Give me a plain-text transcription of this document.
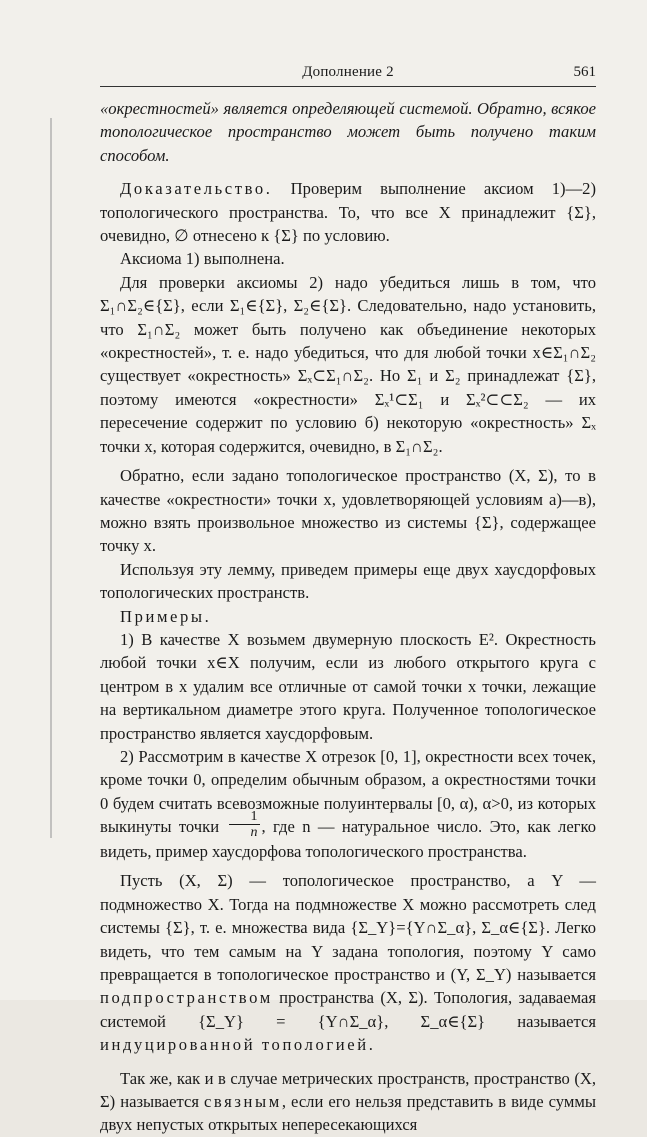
Дополнение 2	561

«окрестностей» является определяющей системой. Обратно, всякое топологическое пространство может быть получено таким способом.

Доказательство. Проверим выполнение аксиом 1)—2) топологического пространства. То, что все X принадлежит {Σ}, очевидно, ∅ отнесено к {Σ} по условию.

Аксиома 1) выполнена.

Для проверки аксиомы 2) надо убедиться лишь в том, что Σ₁∩Σ₂∈{Σ}, если Σ₁∈{Σ}, Σ₂∈{Σ}. Следовательно, надо установить, что Σ₁∩Σ₂ может быть получено как объединение некоторых «окрестностей», т. е. надо убедиться, что для любой точки x∈Σ₁∩Σ₂ существует «окрестность» Σₓ⊂Σ₁∩Σ₂. Но Σ₁ и Σ₂ принадлежат {Σ}, поэтому имеются «окрестности» Σₓ¹⊂Σ₁ и Σₓ²⊂⊂Σ₂ — их пересечение содержит по условию б) некоторую «окрестность» Σₓ точки x, которая содержится, очевидно, в Σ₁∩Σ₂.

Обратно, если задано топологическое пространство (X, Σ), то в качестве «окрестности» точки x, удовлетворяющей условиям а)—в), можно взять произвольное множество из системы {Σ}, содержащее точку x.

Используя эту лемму, приведем примеры еще двух хаусдорфовых топологических пространств.

Примеры.

1) В качестве X возьмем двумерную плоскость E². Окрестность любой точки x∈X получим, если из любого открытого круга с центром в x удалим все отличные от самой точки x точки, лежащие на вертикальном диаметре этого круга. Полученное топологическое пространство является хаусдорфовым.

2) Рассмотрим в качестве X отрезок [0, 1], окрестности всех точек, кроме точки 0, определим обычным образом, а окрестностями точки 0 будем считать всевозможные полуинтервалы [0, α), α>0, из которых выкинуты точки $\frac{1}{n}$ , где n — натуральное число. Это, как легко видеть, пример хаусдорфова топологического пространства.

Пусть (X, Σ) — топологическое пространство, а Y — подмножество X. Тогда на подмножестве X можно рассмотреть след системы {Σ}, т. е. множества вида {Σ_Y}={Y∩Σ_α}, Σ_α∈{Σ}. Легко видеть, что тем самым на Y задана топология, поэтому Y само превращается в топологическое пространство и (Y, Σ_Y) называется подпространством пространства (X, Σ). Топология, задаваемая системой {Σ_Y} = {Y∩Σ_α}, Σ_α∈{Σ} называется индуцированной топологией.

Так же, как и в случае метрических пространств, пространство (X, Σ) называется связным, если его нельзя представить в виде суммы двух непустых открытых непересекающихся
